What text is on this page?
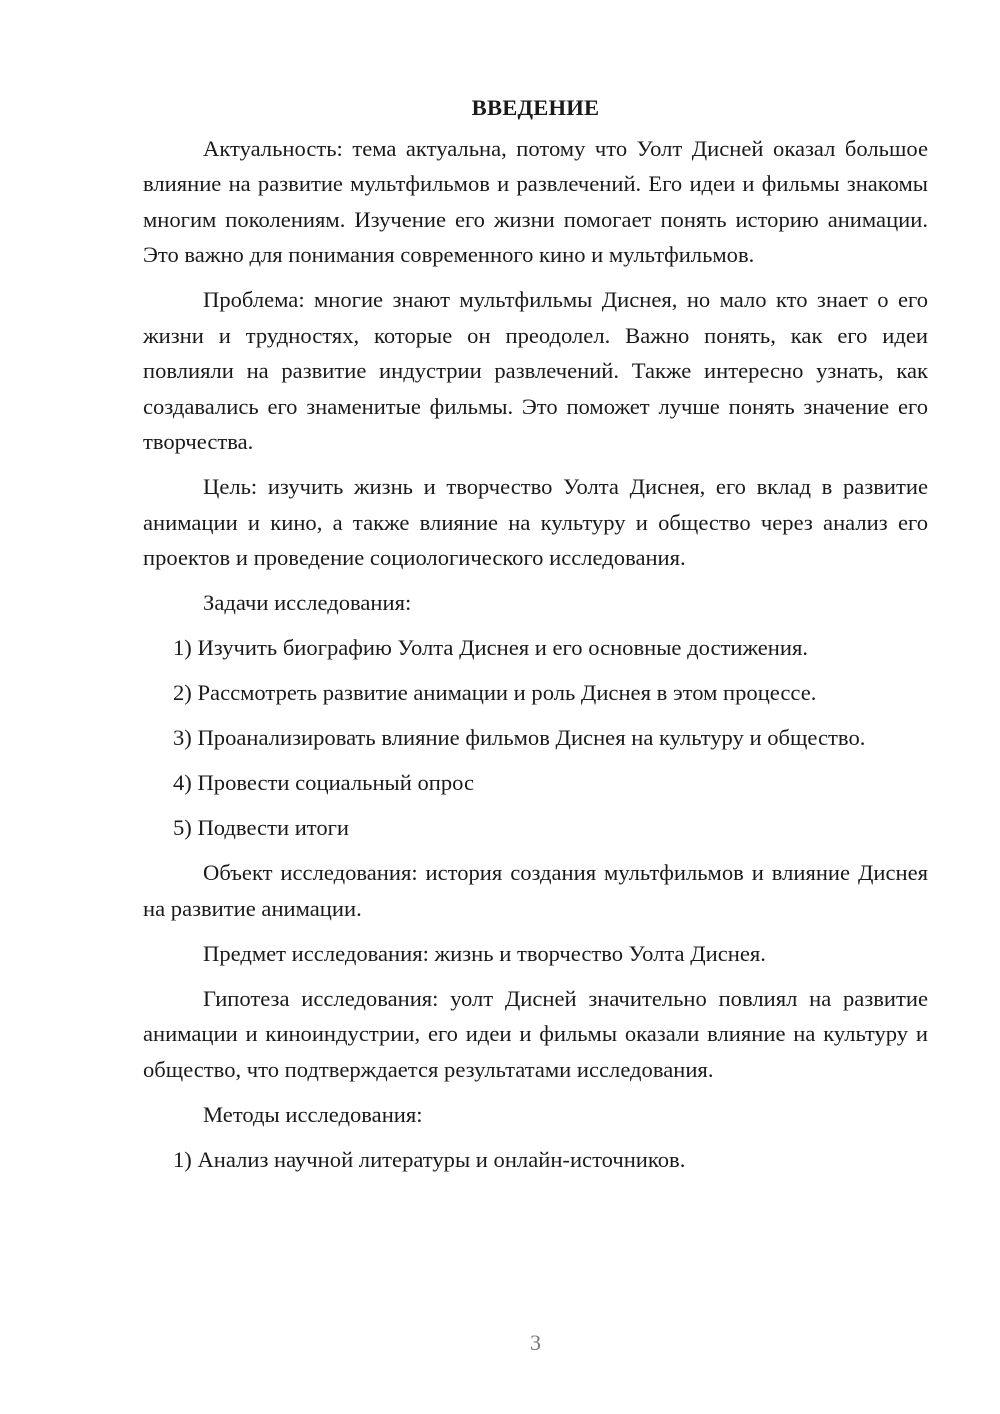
ВВЕДЕНИЕ

Актуальность: тема актуальна, потому что Уолт Дисней оказал большое влияние на развитие мультфильмов и развлечений. Его идеи и фильмы знакомы многим поколениям. Изучение его жизни помогает понять историю анимации. Это важно для понимания современного кино и мультфильмов.

Проблема: многие знают мультфильмы Диснея, но мало кто знает о его жизни и трудностях, которые он преодолел. Важно понять, как его идеи повлияли на развитие индустрии развлечений. Также интересно узнать, как создавались его знаменитые фильмы. Это поможет лучше понять значение его творчества.

Цель: изучить жизнь и творчество Уолта Диснея, его вклад в развитие анимации и кино, а также влияние на культуру и общество через анализ его проектов и проведение социологического исследования.

Задачи исследования:

1) Изучить биографию Уолта Диснея и его основные достижения.

2) Рассмотреть развитие анимации и роль Диснея в этом процессе.

3) Проанализировать влияние фильмов Диснея на культуру и общество.

4) Провести социальный опрос

5) Подвести итоги

Объект исследования: история создания мультфильмов и влияние Диснея на развитие анимации.

Предмет исследования: жизнь и творчество Уолта Диснея.

Гипотеза исследования: уолт Дисней значительно повлиял на развитие анимации и киноиндустрии, его идеи и фильмы оказали влияние на культуру и общество, что подтверждается результатами исследования.

Методы исследования:

1) Анализ научной литературы и онлайн-источников.

3
